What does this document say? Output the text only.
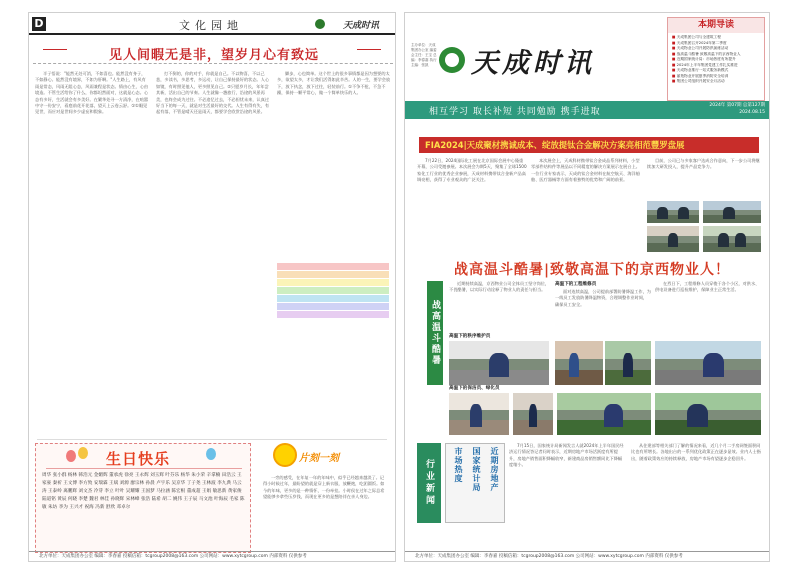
D	文化园地	天成时讯
见人间暇无是非，望岁月心有致远
半子悟说："能然无处可消，不如喜也。能然没有身子，不如静心。能然没有境界，不如为肝啊。"人生路上，有风有雨是常态，风雨无阻心态，风雨兼程是状态。情由心生，心由境造。不管生活给你了什么，你都坦然面对，这就是心态。心态有多好，生活就会有多美好。在繁华处寻一方清净，在喧嚣中守一份安宁，看庭前花开花落，望天上云卷云舒。①①眼见见世，而应对是世间多少虚妄和假象。
打不倒的，你的对手，你就是自己。不以物喜，不以己悲，多读书，多思考，多运动，让自己保持最好的状态。人心如镜，有时照见他人，更多照见自己。②只愿岁月长，年年尝其新，活出自己的节奏。人生就像一趟旅行，沿途的风景再美，也终会成为过往。不必追忆过去，不必担忧未来，认真过好当下的每一天，就是对生活最好的交代。人生有得有失，有起有落，不管是晴天还是雨天，都要学会欣赏沿途的风景。
脚步，心也简单。这个世上的很多事情都是因为想要的太多，欲望太多，才让我们活得如此辛苦。人的一生，要学会放下，放下执念，放下过往，轻装前行。①不争不抢，不急不躁，保持一颗平常心，做一个简单快乐的人。
生日快乐
周华 张小群 杨林 韩浩元 金媚辉 董承虎 徐亮 王永辉 刘玉辉 叶芬乐 杨华 朱小荣 辛拿楠 田浩云 王家豪 秦祈 王文博 李方致 安瑞霖 王斌 刘源 廖宗林 孙晨 卢宇乐 吴京华 丁子尧 王林波 李九典 马云涛 王泰岭 离鹏辉 刘文杰 冷芽 李立 叶叶 吴耀耀 王国梦 马拉涵 陈宏根 董成超 王娟 敏思新 黄家俊 陆道铭 黄辰 何晓 李楚 魏君 林佳 孙晓辉 宋林峰 张浩 陆希 胡二 姚伟 王子辰 马文池 叶海辰 毛家 陈敏 朱坊 李为 王兴才 祝海 冯新 舒欣 邓卓尔
片刻一刻
一旁的感受，在年复一年的年味中，似乎已经越来越淡了。记得小时候过年，最盼望的就是穿上新衣服，放鞭炮，吃团圆饭。如今的年味，更多的是一种情怀，一份牵挂。小时侯在过年之际总希望能够多拿些压岁钱，而现在更多的是想陪伴在亲人身边。
北方单位：天成集团办公室 编辑：李春嘉 投稿信箱：tcgroup2008@163.com 公司网站：www.xytcgroup.com 内部资料 仅供参考
主办单位：天成集团办公室 编委会主任：王宝 总编：李春嘉 执行主编：张凯	天成时讯
本期导读
■ 天成集团公司与全建筑工程
■ 天成集团召开2024年第二季度
■ 天成物业公司开展防汛演练活动
■ 战高温斗酷暑 致敬高温下的京西物业人
■ 近期国家统计局：市场热度有所提升
■ 2024年上半年集团党建工作扎实推进
■ 天成物业推行一站式服务新模式
■ 丽苑物业开展夏季消防安全培训
■ 集团公司组织开展安全月活动
相互学习 取长补短 共同勉励 携手进取
2024年 第07期 总第127期
2024.08.15
FIA2024|天成聚材携诚成本、绽放提钛合金解决方案亮相范豐罗盘展
7月22日，2024国际化工展在北京国际会展中心隆重开幕，公司受邀参展。本次展会为期5天，聚集了全球1500家化工行业的优秀企业参展，天成材料携带钛合金新产品高调亮相，获得了专业观众的广泛关注。
本次展会上，天成科材携带钛合金成品系列材料，小型零部件结构件等展品以不同精度的解决方案展示在展台上。一位行业专家表示，天成的钛合金材料在航空航天、海洋船舶、医疗器械等方面有着独特的优势和广阔的前景。
目前，公司已与多家客户达成合作意向，下一步公司将继续加大研发投入，提升产品竞争力。
战高温斗酷暑|致敬高温下的京西物业人！
战高温斗酷暑
近期持续高温，京西物业公司全体员工坚守岗位，不畏酷暑，以实际行动诠释了物业人的责任与担当。	面对连续高温，公司提前部署防暑降温工作，为一线员工发放防暑降温物资，合理调整作业时间，确保员工安全。
在烈日下，工程维修人员穿梭于各个小区，对供水、供电设备进行巡检维护，保障业主正常生活。
高温下的秩序维护员
高温下的工程维修员
高温下的保洁员、绿化员
行业新闻	近期房地产
国家统计局
市场热度
7月15日，国家统计局新闻发言人就2024年上半年国民经济运行情况答记者问时表示，近期房地产市场活跃度有所提升，房地产销售面积降幅收窄，新建商品房销售额同比下降幅度缩小。
从住建部等相关部门了解的情况来看，近几个月二手房网签面积同比也有所增长。各地出台的一系列优化政策正在逐步显效。业内人士指出，随着政策效应的持续释放，房地产市场有望逐步企稳回升。
北方单位：天成集团办公室 编辑：李春嘉 投稿信箱：tcgroup2008@163.com 公司网站：www.xytcgroup.com 内部资料 仅供参考
